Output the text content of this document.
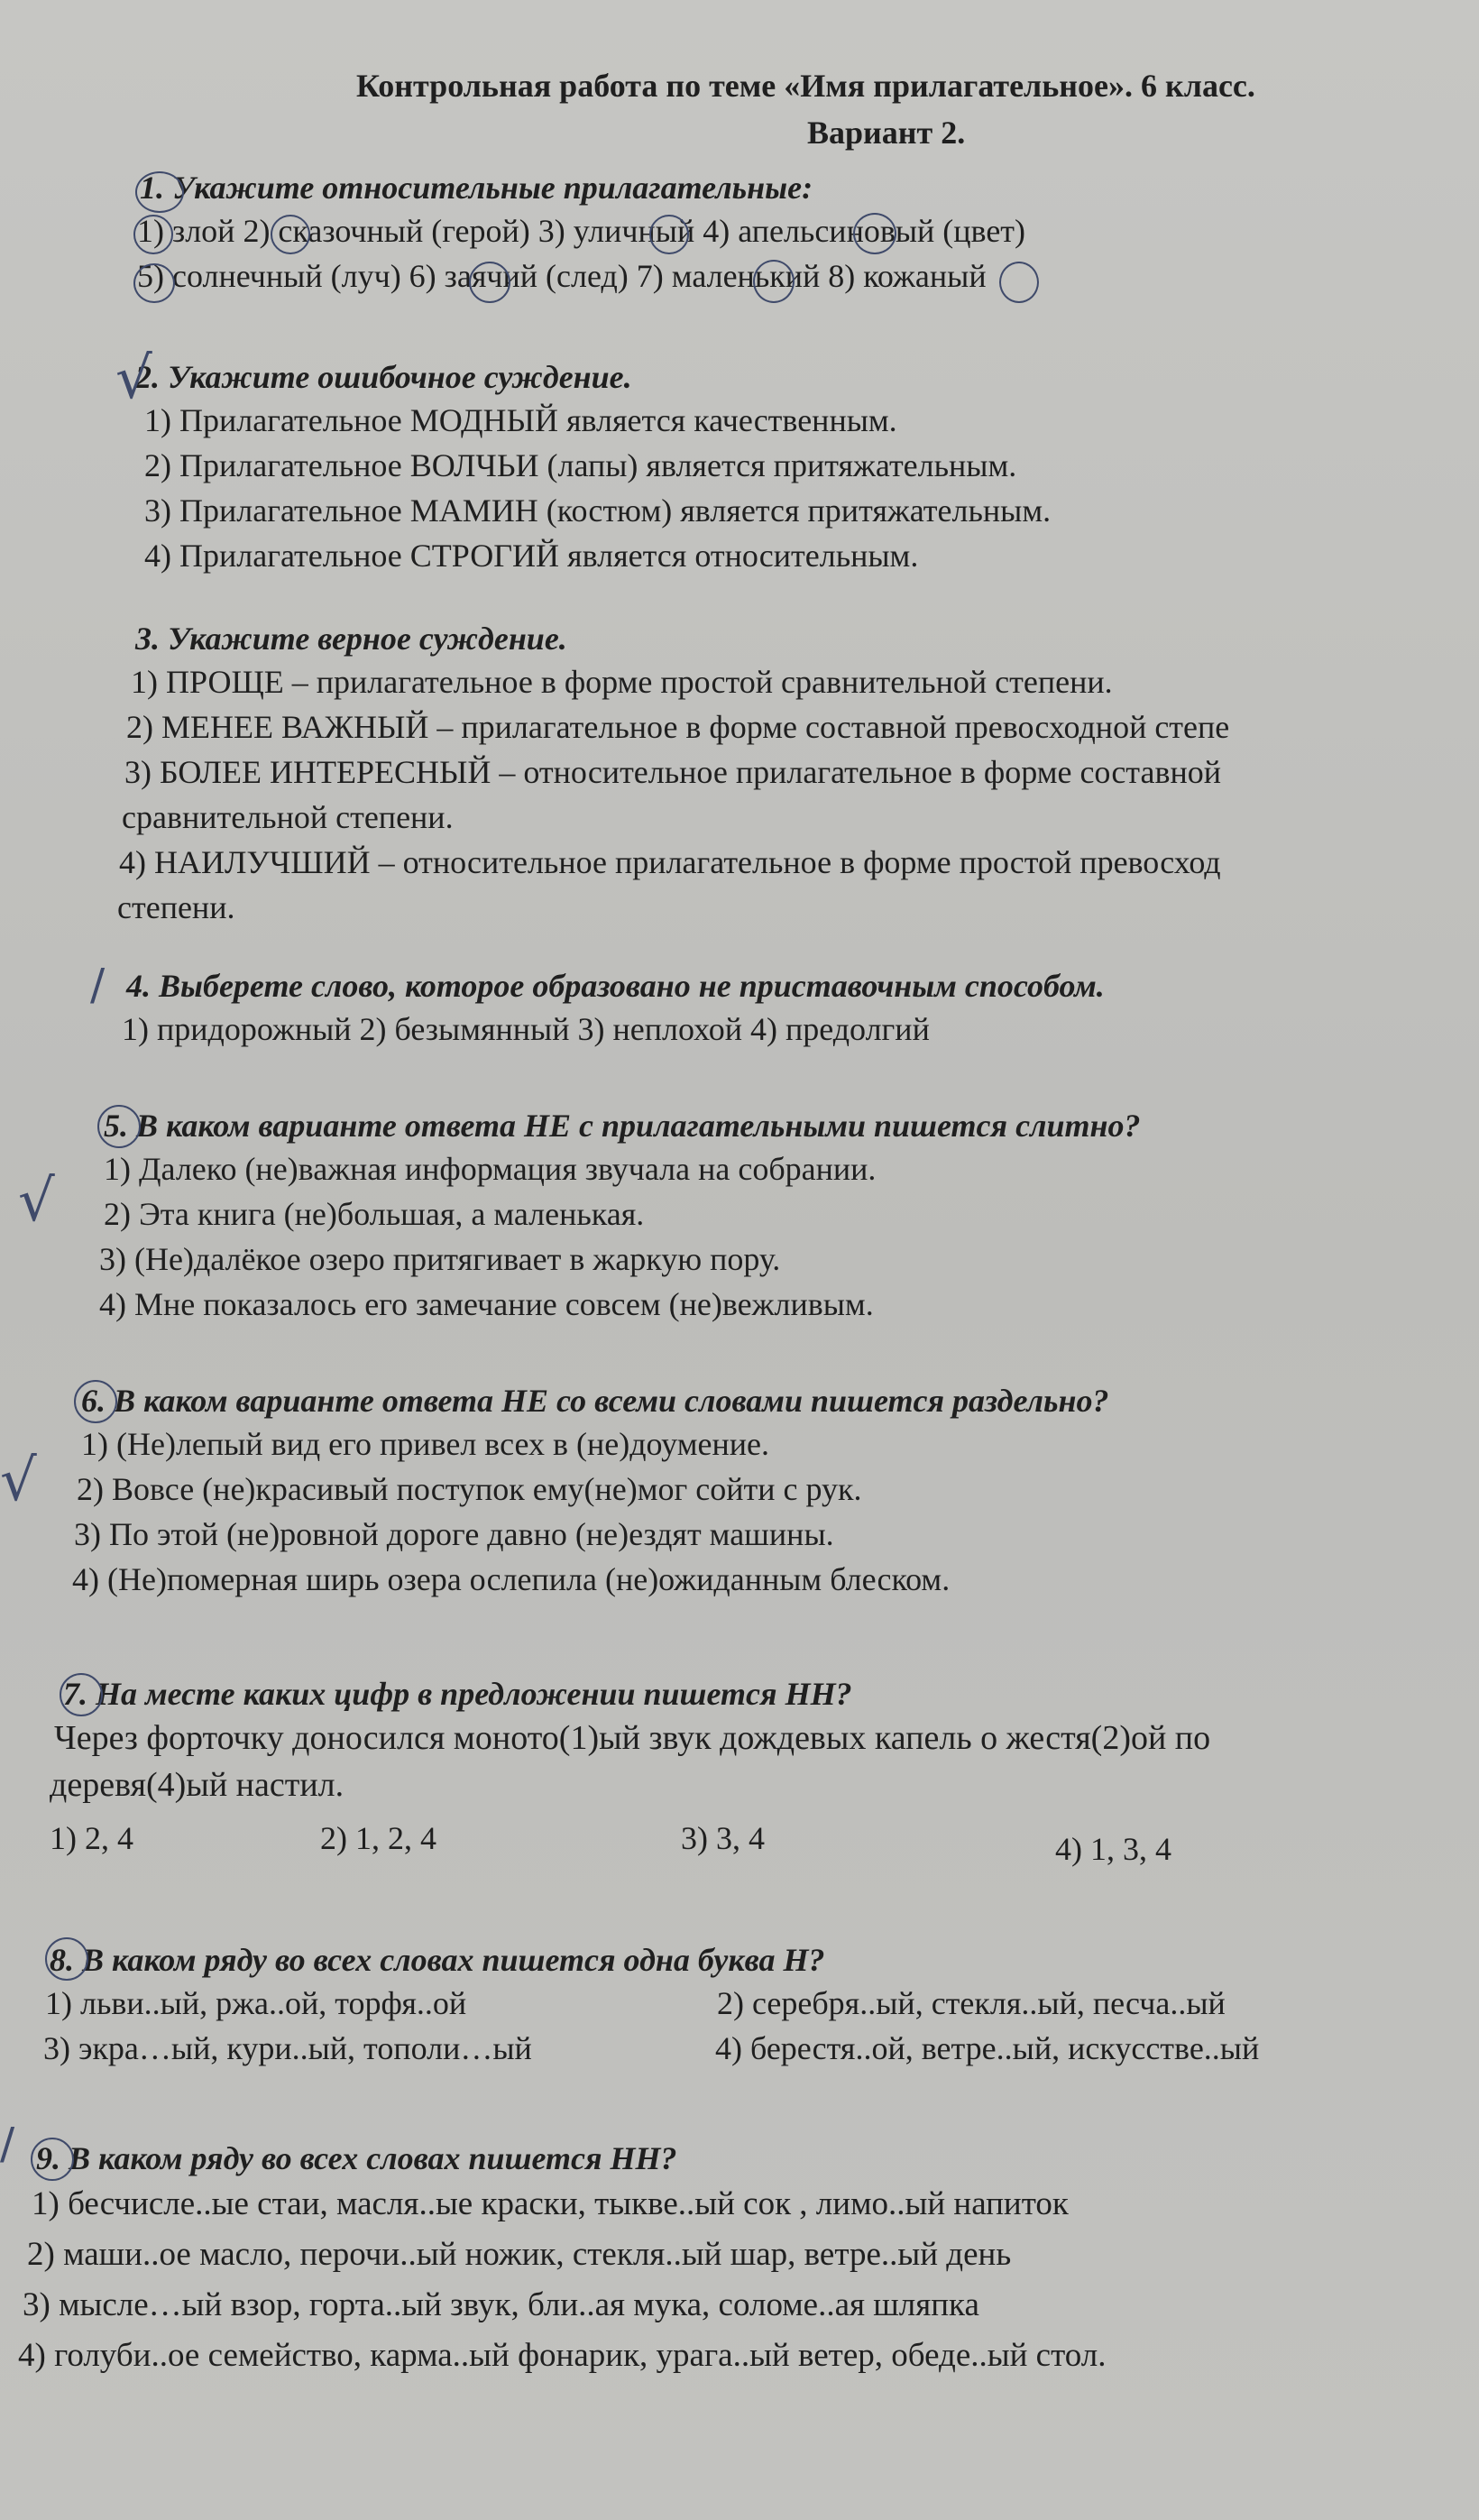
Контрольная работа по теме «Имя прилагательное». 6 класс.
Вариант 2.
1. Укажите относительные прилагательные:
1) злой 2) сказочный (герой) 3) уличный 4) апельсиновый (цвет)
5) солнечный (луч) 6) заячий (след) 7) маленький 8) кожаный
2. Укажите ошибочное суждение.
1) Прилагательное МОДНЫЙ является качественным.
2) Прилагательное ВОЛЧЬИ (лапы) является притяжательным.
3) Прилагательное МАМИН (костюм) является притяжательным.
4) Прилагательное СТРОГИЙ является относительным.
3. Укажите верное суждение.
1) ПРОЩЕ – прилагательное в форме простой сравнительной степени.
2) МЕНЕЕ ВАЖНЫЙ – прилагательное в форме составной превосходной степе
3) БОЛЕЕ ИНТЕРЕСНЫЙ – относительное прилагательное в форме составной
сравнительной степени.
4) НАИЛУЧШИЙ – относительное прилагательное в форме простой превосход
степени.
4. Выберете слово, которое образовано не приставочным способом.
1) придорожный 2) безымянный 3) неплохой 4) предолгий
5. В каком варианте ответа НЕ с прилагательными пишется слитно?
1) Далеко (не)важная информация звучала на собрании.
2) Эта книга (не)большая, а маленькая.
3) (Не)далёкое озеро притягивает в жаркую пору.
4) Мне показалось его замечание совсем (не)вежливым.
6. В каком варианте ответа НЕ со всеми словами пишется раздельно?
1) (Не)лепый вид его привел всех в (не)доумение.
2) Вовсе (не)красивый поступок ему(не)мог сойти с рук.
3) По этой (не)ровной дороге давно (не)ездят машины.
4) (Не)померная ширь озера ослепила (не)ожиданным блеском.
7. На месте каких цифр в предложении пишется НН?
Через форточку доносился моното(1)ый звук дождевых капель о жестя(2)ой по
деревя(4)ый настил.
1) 2, 4	2) 1, 2, 4	3) 3, 4	4) 1, 3, 4
8. В каком ряду во всех словах пишется одна буква Н?
1) льви..ый, ржа..ой, торфя..ой	2) серебря..ый, стекля..ый, песча..ый
3) экра…ый, кури..ый, тополи…ый	4) берестя..ой, ветре..ый, искусстве..ый
9. В каком ряду во всех словах пишется НН?
1) бесчисле..ые стаи, масля..ые краски, тыкве..ый сок , лимо..ый напиток
2) маши..ое масло, перочи..ый ножик, стекля..ый шар, ветре..ый день
3) мысле…ый взор, горта..ый звук, бли..ая мука, соломе..ая шляпка
4) голуби..ое семейство, карма..ый фонарик, урага..ый ветер, обеде..ый стол.
√
/
√
√
/
